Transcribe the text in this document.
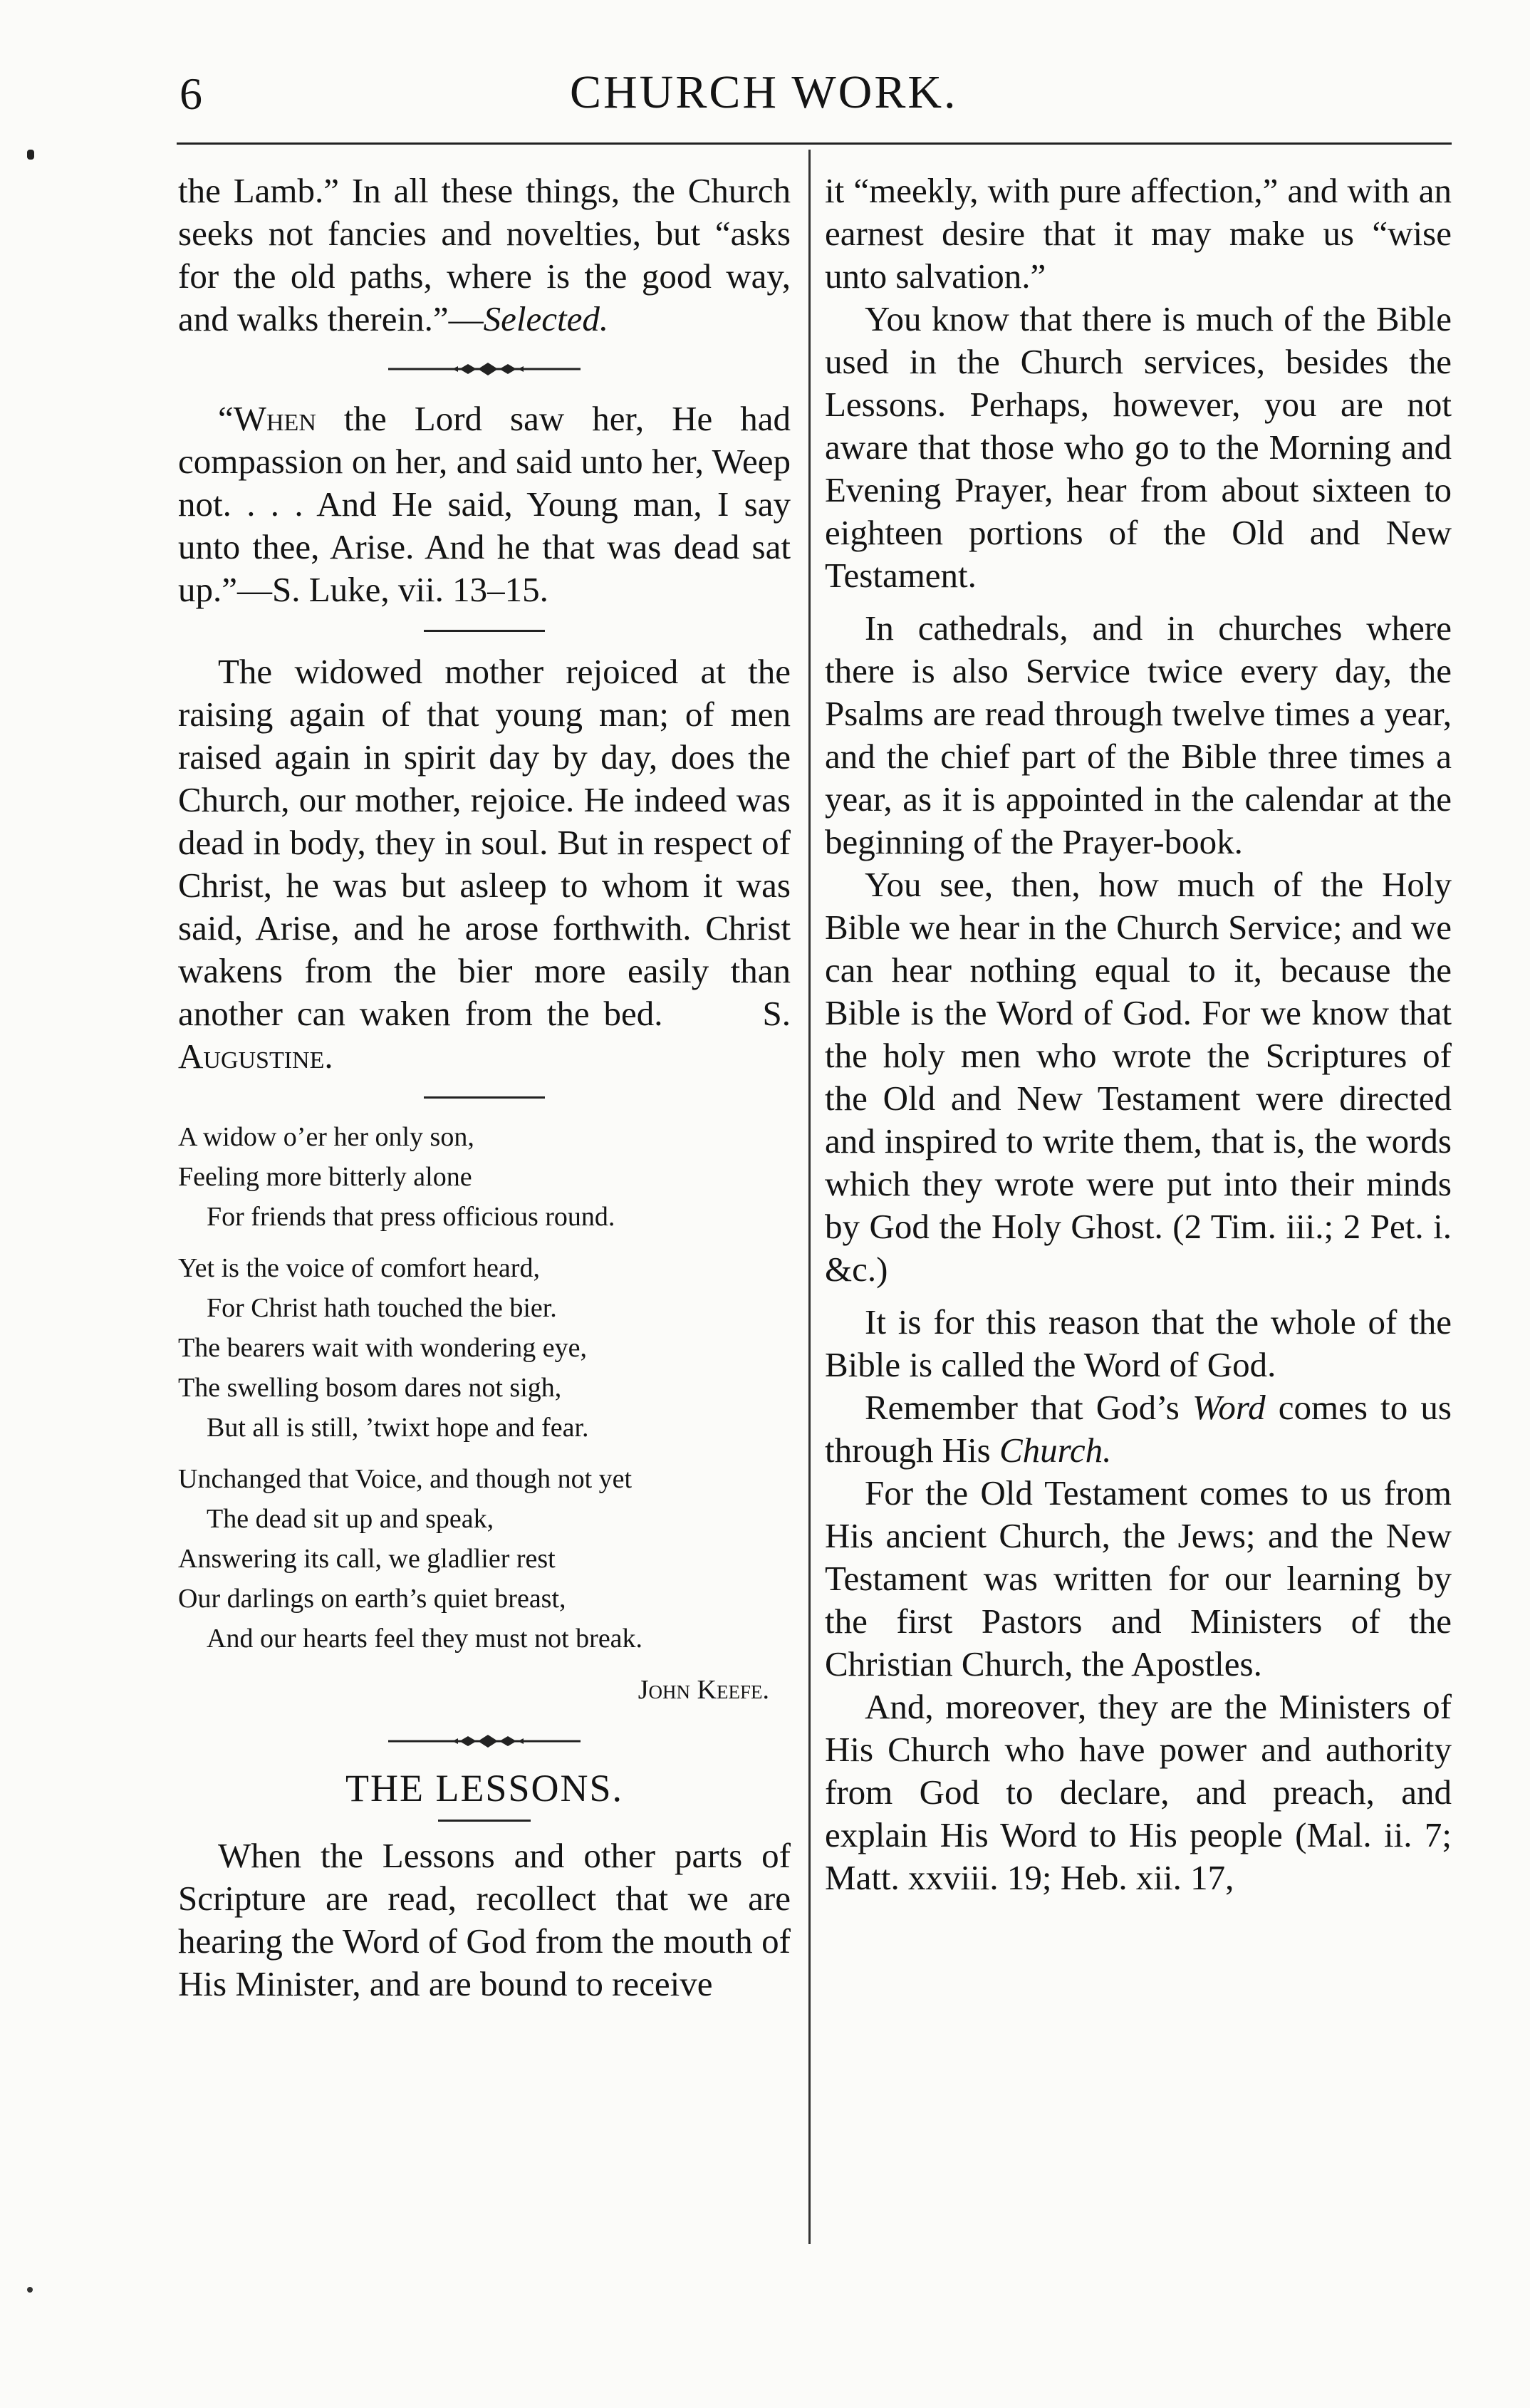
6	CHURCH WORK.

the Lamb.” In all these things, the Church seeks not fancies and novelties, but “asks for the old paths, where is the good way, and walks therein.”—Selected.

“When the Lord saw her, He had compassion on her, and said unto her, Weep not. . . . And He said, Young man, I say unto thee, Arise. And he that was dead sat up.”—S. Luke, vii. 13–15.

The widowed mother rejoiced at the raising again of that young man; of men raised again in spirit day by day, does the Church, our mother, rejoice. He indeed was dead in body, they in soul. But in respect of Christ, he was but asleep to whom it was said, Arise, and he arose forthwith. Christ wakens from the bier more easily than another can waken from the bed.	S. Augustine.

A widow o’er her only son,
Feeling more bitterly alone
For friends that press officious round.
Yet is the voice of comfort heard,
For Christ hath touched the bier.
The bearers wait with wondering eye,
The swelling bosom dares not sigh,
But all is still, ’twixt hope and fear.
Unchanged that Voice, and though not yet
The dead sit up and speak,
Answering its call, we gladlier rest
Our darlings on earth’s quiet breast,
And our hearts feel they must not break.
John Keefe.
THE LESSONS.

When the Lessons and other parts of Scripture are read, recollect that we are hearing the Word of God from the mouth of His Minister, and are bound to receive

it “meekly, with pure affection,” and with an earnest desire that it may make us “wise unto salvation.”

You know that there is much of the Bible used in the Church services, besides the Lessons. Perhaps, however, you are not aware that those who go to the Morning and Evening Prayer, hear from about sixteen to eighteen portions of the Old and New Testament.

In cathedrals, and in churches where there is also Service twice every day, the Psalms are read through twelve times a year, and the chief part of the Bible three times a year, as it is appointed in the calendar at the beginning of the Prayer-book.

You see, then, how much of the Holy Bible we hear in the Church Service; and we can hear nothing equal to it, because the Bible is the Word of God. For we know that the holy men who wrote the Scriptures of the Old and New Testament were directed and inspired to write them, that is, the words which they wrote were put into their minds by God the Holy Ghost. (2 Tim. iii.; 2 Pet. i. &c.)

It is for this reason that the whole of the Bible is called the Word of God.

Remember that God’s Word comes to us through His Church.

For the Old Testament comes to us from His ancient Church, the Jews; and the New Testament was written for our learning by the first Pastors and Ministers of the Christian Church, the Apostles.

And, moreover, they are the Ministers of His Church who have power and authority from God to declare, and preach, and explain His Word to His people (Mal. ii. 7; Matt. xxviii. 19; Heb. xii. 17,
